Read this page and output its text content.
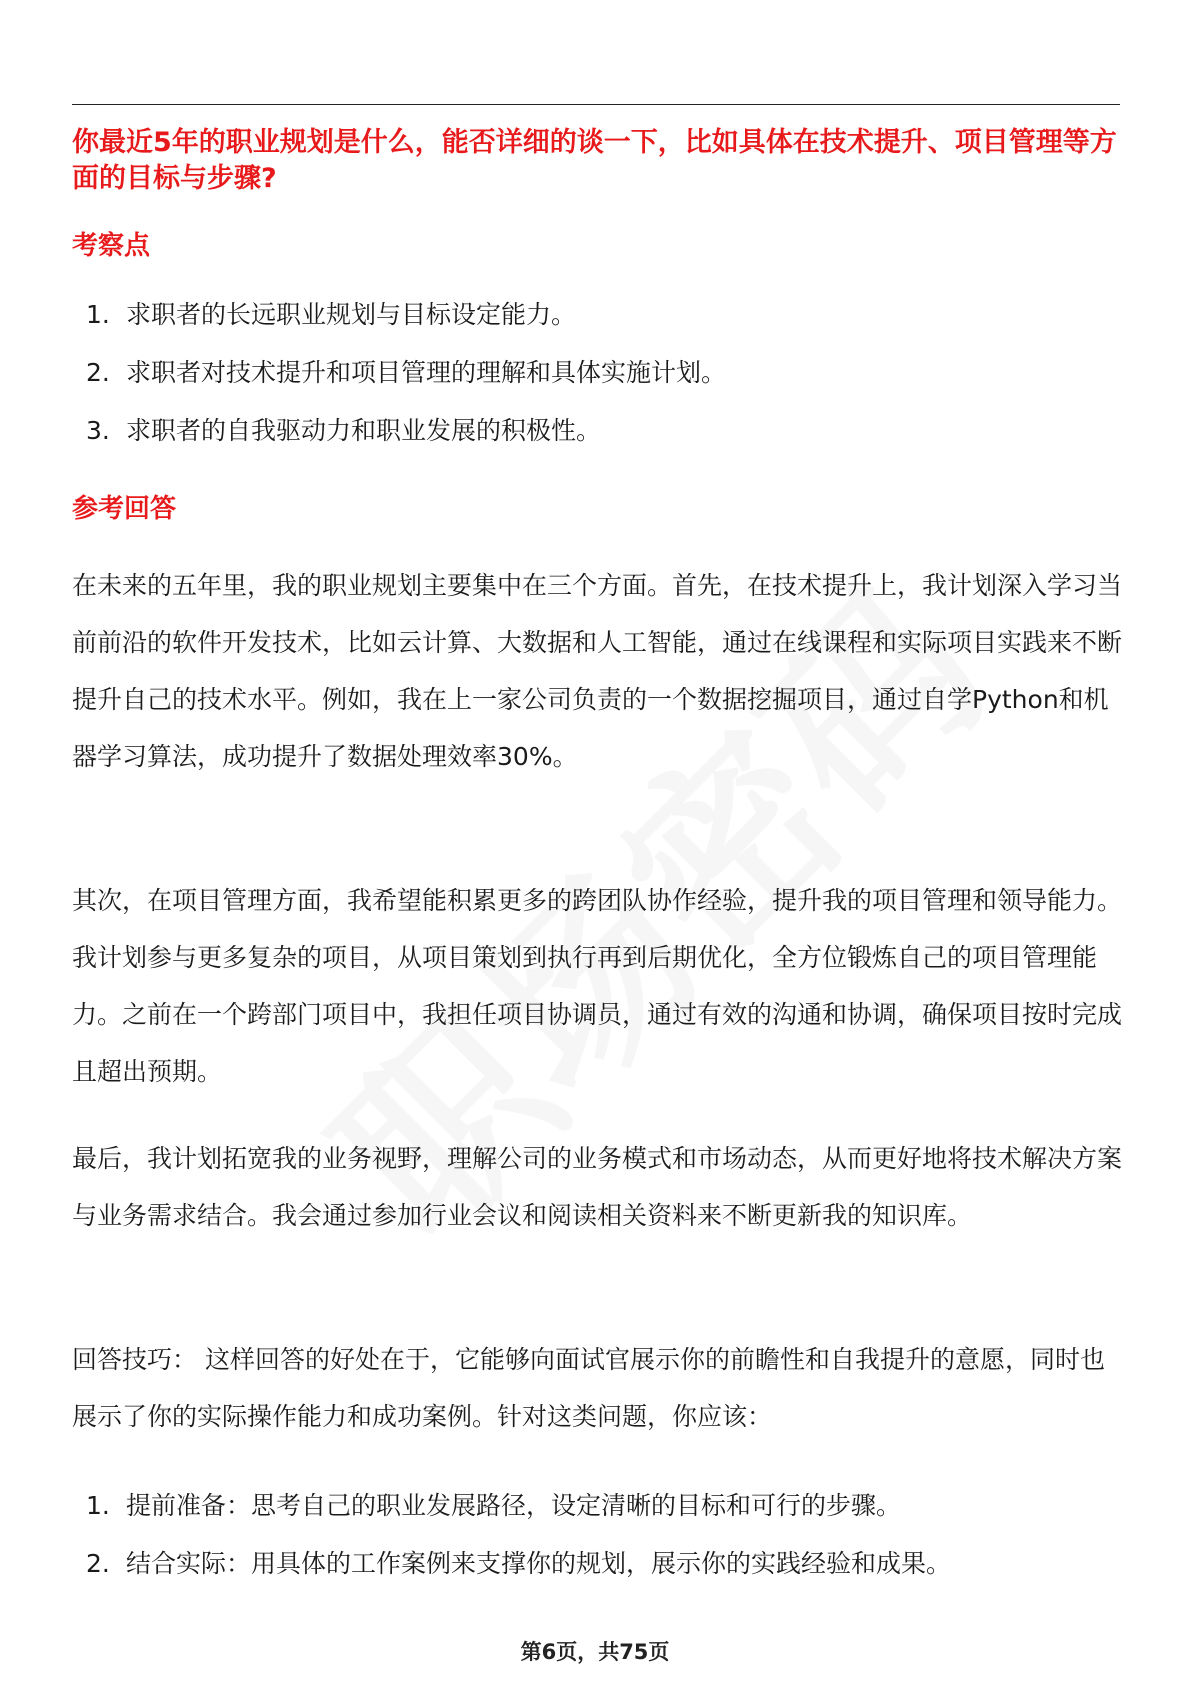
你最近5年的职业规划是什么，能否详细的谈一下，比如具体在技术提升、项目管理等方面的目标与步骤?

考察点
1. 求职者的长远职业规划与目标设定能力。
2. 求职者对技术提升和项目管理的理解和具体实施计划。
3. 求职者的自我驱动力和职业发展的积极性。
参考回答

在未来的五年里，我的职业规划主要集中在三个方面。首先，在技术提升上，我计划深入学习当前前沿的软件开发技术，比如云计算、大数据和人工智能，通过在线课程和实际项目实践来不断提升自己的技术水平。例如，我在上一家公司负责的一个数据挖掘项目，通过自学Python和机器学习算法，成功提升了数据处理效率30%。

其次，在项目管理方面，我希望能积累更多的跨团队协作经验，提升我的项目管理和领导能力。我计划参与更多复杂的项目，从项目策划到执行再到后期优化，全方位锻炼自己的项目管理能力。之前在一个跨部门项目中，我担任项目协调员，通过有效的沟通和协调，确保项目按时完成且超出预期。

最后，我计划拓宽我的业务视野，理解公司的业务模式和市场动态，从而更好地将技术解决方案与业务需求结合。我会通过参加行业会议和阅读相关资料来不断更新我的知识库。

回答技巧： 这样回答的好处在于，它能够向面试官展示你的前瞻性和自我提升的意愿，同时也展示了你的实际操作能力和成功案例。针对这类问题，你应该：

1. 提前准备：思考自己的职业发展路径，设定清晰的目标和可行的步骤。
2. 结合实际：用具体的工作案例来支撑你的规划，展示你的实践经验和成果。
第6页，共75页
